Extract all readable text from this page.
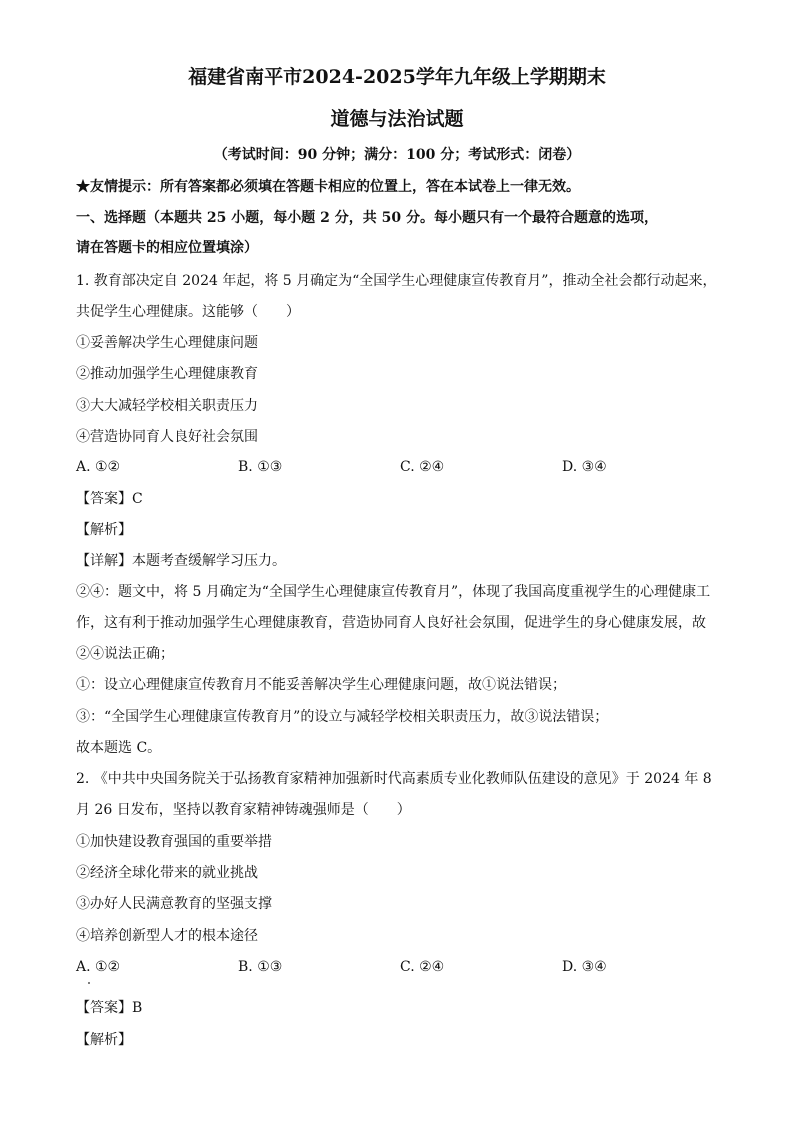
福建省南平市2024-2025学年九年级上学期期末
道德与法治试题
（考试时间：90 分钟；满分：100 分；考试形式：闭卷）
★友情提示：所有答案都必须填在答题卡相应的位置上，答在本试卷上一律无效。
一、选择题（本题共 25 小题，每小题 2 分，共 50 分。每小题只有一个最符合题意的选项，
请在答题卡的相应位置填涂）
1. 教育部决定自 2024 年起，将 5 月确定为“全国学生心理健康宣传教育月”，推动全社会都行动起来，
共促学生心理健康。这能够（　　）
①妥善解决学生心理健康问题
②推动加强学生心理健康教育
③大大减轻学校相关职责压力
④营造协同育人良好社会氛围
A. ①②	B. ①③	C. ②④	D. ③④
【答案】C
【解析】
【详解】本题考查缓解学习压力。
②④：题文中，将 5 月确定为“全国学生心理健康宣传教育月”，体现了我国高度重视学生的心理健康工
作，这有利于推动加强学生心理健康教育，营造协同育人良好社会氛围，促进学生的身心健康发展，故
②④说法正确；
①：设立心理健康宣传教育月不能妥善解决学生心理健康问题，故①说法错误；
③：“全国学生心理健康宣传教育月”的设立与减轻学校相关职责压力，故③说法错误；
故本题选 C。
2. 《中共中央国务院关于弘扬教育家精神加强新时代高素质专业化教师队伍建设的意见》于 2024 年 8
月 26 日发布，坚持以教育家精神铸魂强师是（　　）
①加快建设教育强国的重要举措
②经济全球化带来的就业挑战
③办好人民满意教育的坚强支撑
④培养创新型人才的根本途径
A. ①②	B. ①③	C. ②④	D. ③④
【答案】B
【解析】
